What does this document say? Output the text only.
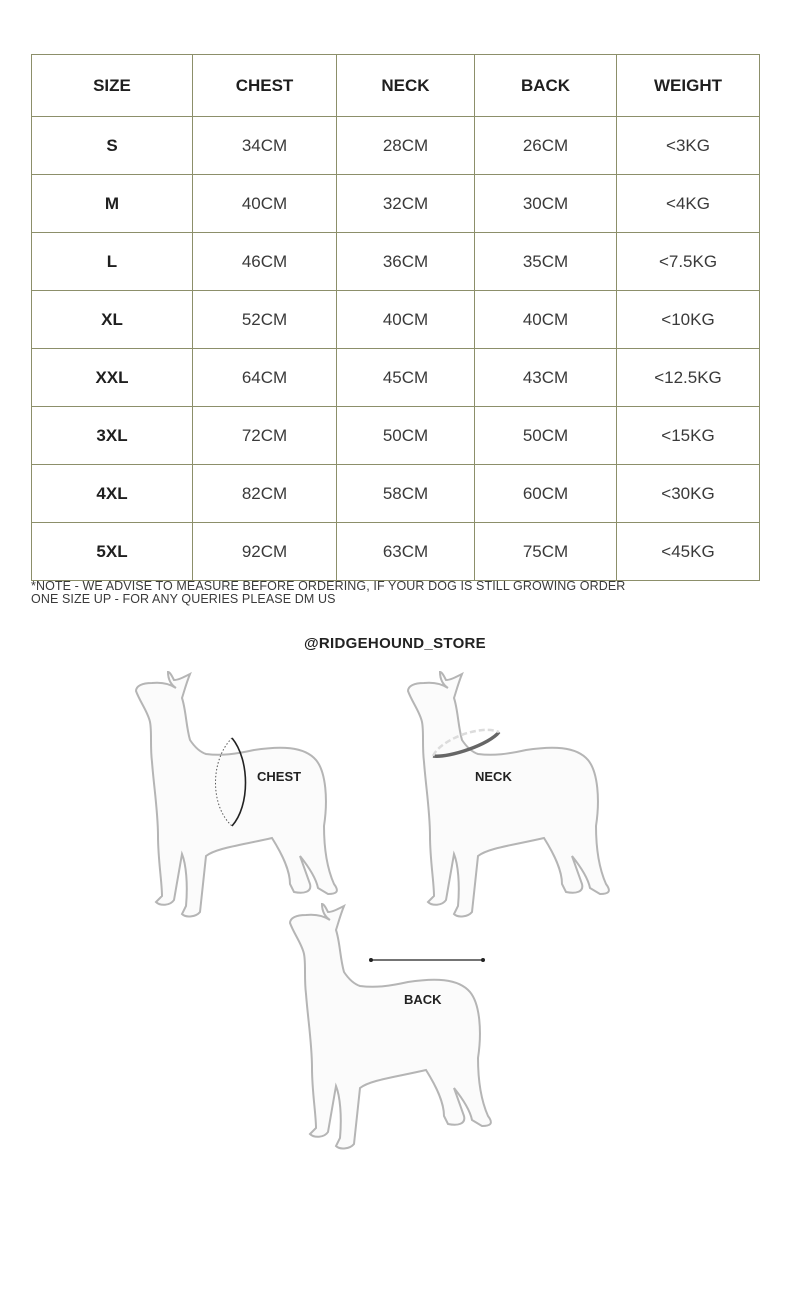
SIZE	CHEST	NECK	BACK	WEIGHT
S	34CM	28CM	26CM	<3KG
M	40CM	32CM	30CM	<4KG
L	46CM	36CM	35CM	<7.5KG
XL	52CM	40CM	40CM	<10KG
XXL	64CM	45CM	43CM	<12.5KG
3XL	72CM	50CM	50CM	<15KG
4XL	82CM	58CM	60CM	<30KG
5XL	92CM	63CM	75CM	<45KG
*NOTE - WE ADVISE TO MEASURE BEFORE ORDERING, IF YOUR DOG IS STILL GROWING ORDER
ONE SIZE UP - FOR ANY QUERIES PLEASE DM US
@RIDGEHOUND_STORE
CHEST	NECK
BACK
